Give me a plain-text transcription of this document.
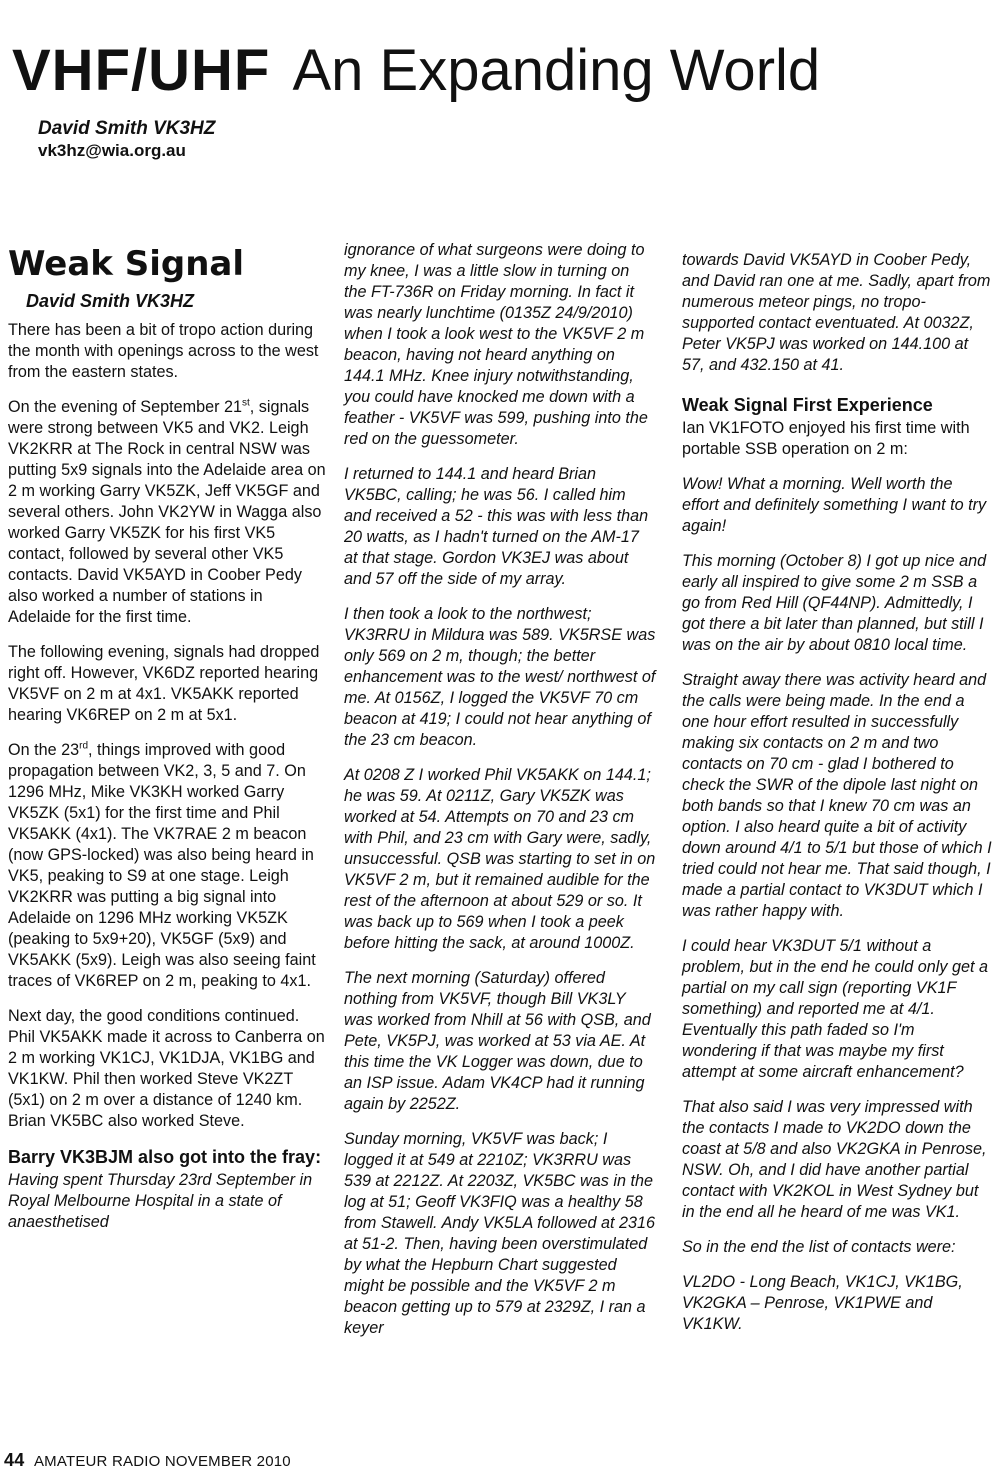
VHF/UHF An Expanding World
David Smith VK3HZ
vk3hz@wia.org.au
Weak Signal
David Smith VK3HZ

There has been a bit of tropo action during the month with openings across to the west from the eastern states.

On the evening of September 21st, signals were strong between VK5 and VK2. Leigh VK2KRR at The Rock in central NSW was putting 5x9 signals into the Adelaide area on 2 m working Garry VK5ZK, Jeff VK5GF and several others. John VK2YW in Wagga also worked Garry VK5ZK for his first VK5 contact, followed by several other VK5 contacts. David VK5AYD in Coober Pedy also worked a number of stations in Adelaide for the first time.

The following evening, signals had dropped right off. However, VK6DZ reported hearing VK5VF on 2 m at 4x1. VK5AKK reported hearing VK6REP on 2 m at 5x1.

On the 23rd, things improved with good propagation between VK2, 3, 5 and 7. On 1296 MHz, Mike VK3KH worked Garry VK5ZK (5x1) for the first time and Phil VK5AKK (4x1). The VK7RAE 2 m beacon (now GPS-locked) was also being heard in VK5, peaking to S9 at one stage. Leigh VK2KRR was putting a big signal into Adelaide on 1296 MHz working VK5ZK (peaking to 5x9+20), VK5GF (5x9) and VK5AKK (5x9). Leigh was also seeing faint traces of VK6REP on 2 m, peaking to 4x1.

Next day, the good conditions continued. Phil VK5AKK made it across to Canberra on 2 m working VK1CJ, VK1DJA, VK1BG and VK1KW. Phil then worked Steve VK2ZT (5x1) on 2 m over a distance of 1240 km. Brian VK5BC also worked Steve.

Barry VK3BJM also got into the fray:

Having spent Thursday 23rd September in Royal Melbourne Hospital in a state of anaesthetised

ignorance of what surgeons were doing to my knee, I was a little slow in turning on the FT-736R on Friday morning. In fact it was nearly lunchtime (0135Z 24/9/2010) when I took a look west to the VK5VF 2 m beacon, having not heard anything on 144.1 MHz. Knee injury notwithstanding, you could have knocked me down with a feather - VK5VF was 599, pushing into the red on the guessometer.

I returned to 144.1 and heard Brian VK5BC, calling; he was 56. I called him and received a 52 - this was with less than 20 watts, as I hadn't turned on the AM-17 at that stage. Gordon VK3EJ was about and 57 off the side of my array.

I then took a look to the northwest; VK3RRU in Mildura was 589. VK5RSE was only 569 on 2 m, though; the better enhancement was to the west/ northwest of me. At 0156Z, I logged the VK5VF 70 cm beacon at 419; I could not hear anything of the 23 cm beacon.

At 0208 Z I worked Phil VK5AKK on 144.1; he was 59. At 0211Z, Gary VK5ZK was worked at 54. Attempts on 70 and 23 cm with Phil, and 23 cm with Gary were, sadly, unsuccessful. QSB was starting to set in on VK5VF 2 m, but it remained audible for the rest of the afternoon at about 529 or so. It was back up to 569 when I took a peek before hitting the sack, at around 1000Z.

The next morning (Saturday) offered nothing from VK5VF, though Bill VK3LY was worked from Nhill at 56 with QSB, and Pete, VK5PJ, was worked at 53 via AE. At this time the VK Logger was down, due to an ISP issue. Adam VK4CP had it running again by 2252Z.

Sunday morning, VK5VF was back; I logged it at 549 at 2210Z; VK3RRU was 539 at 2212Z. At 2203Z, VK5BC was in the log at 51; Geoff VK3FIQ was a healthy 58 from Stawell. Andy VK5LA followed at 2316 at 51-2. Then, having been overstimulated by what the Hepburn Chart suggested might be possible and the VK5VF 2 m beacon getting up to 579 at 2329Z, I ran a keyer

towards David VK5AYD in Coober Pedy, and David ran one at me. Sadly, apart from numerous meteor pings, no tropo-supported contact eventuated. At 0032Z, Peter VK5PJ was worked on 144.100 at 57, and 432.150 at 41.

Weak Signal First Experience

Ian VK1FOTO enjoyed his first time with portable SSB operation on 2 m:

Wow! What a morning. Well worth the effort and definitely something I want to try again!

This morning (October 8) I got up nice and early all inspired to give some 2 m SSB a go from Red Hill (QF44NP). Admittedly, I got there a bit later than planned, but still I was on the air by about 0810 local time.

Straight away there was activity heard and the calls were being made. In the end a one hour effort resulted in successfully making six contacts on 2 m and two contacts on 70 cm - glad I bothered to check the SWR of the dipole last night on both bands so that I knew 70 cm was an option. I also heard quite a bit of activity down around 4/1 to 5/1 but those of which I tried could not hear me. That said though, I made a partial contact to VK3DUT which I was rather happy with.

I could hear VK3DUT 5/1 without a problem, but in the end he could only get a partial on my call sign (reporting VK1F something) and reported me at 4/1. Eventually this path faded so I'm wondering if that was maybe my first attempt at some aircraft enhancement?

That also said I was very impressed with the contacts I made to VK2DO down the coast at 5/8 and also VK2GKA in Penrose, NSW. Oh, and I did have another partial contact with VK2KOL in West Sydney but in the end all he heard of me was VK1.

So in the end the list of contacts were:

VL2DO - Long Beach, VK1CJ, VK1BG, VK2GKA – Penrose, VK1PWE and VK1KW.

44 AMATEUR RADIO NOVEMBER 2010
